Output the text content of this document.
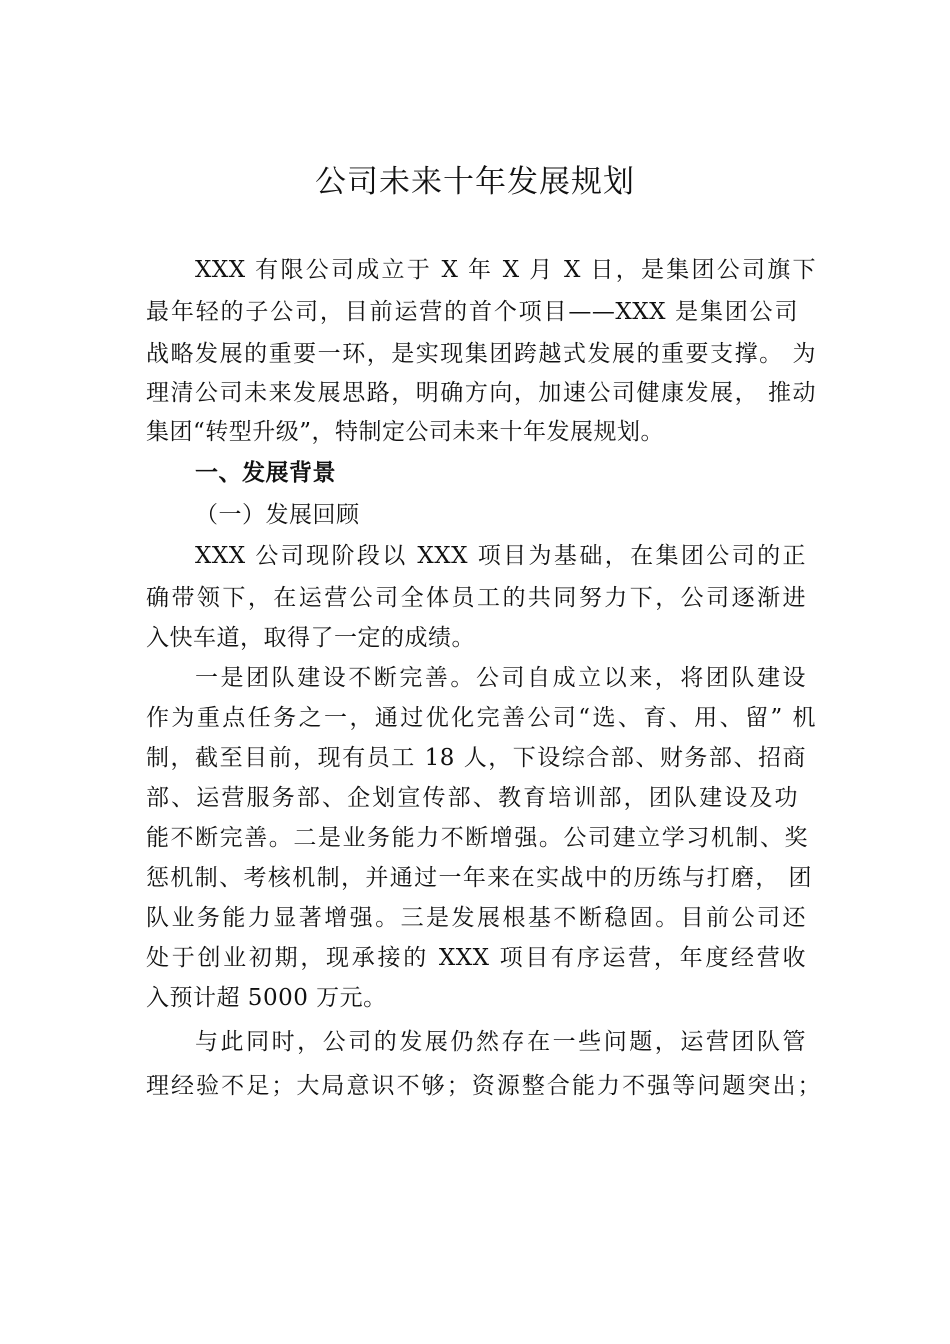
公司未来十年发展规划
XXX 有限公司成立于 X 年 X 月 X 日，是集团公司旗下
最年轻的子公司，目前运营的首个项目——XXX 是集团公司
战略发展的重要一环，是实现集团跨越式发展的重要支撑。 为
理清公司未来发展思路，明确方向，加速公司健康发展， 推动
集团“转型升级”，特制定公司未来十年发展规划。
一、发展背景
（一）发展回顾
XXX 公司现阶段以 XXX 项目为基础，在集团公司的正
确带领下，在运营公司全体员工的共同努力下，公司逐渐进
入快车道，取得了一定的成绩。
一是团队建设不断完善。公司自成立以来，将团队建设
作为重点任务之一，通过优化完善公司“选、育、用、留” 机
制，截至目前，现有员工 18 人，下设综合部、财务部、招商
部、运营服务部、企划宣传部、教育培训部，团队建设及功
能不断完善。二是业务能力不断增强。公司建立学习机制、奖
惩机制、考核机制，并通过一年来在实战中的历练与打磨， 团
队业务能力显著增强。三是发展根基不断稳固。目前公司还
处于创业初期，现承接的 XXX 项目有序运营，年度经营收
入预计超 5000 万元。
与此同时，公司的发展仍然存在一些问题，运营团队管
理经验不足；大局意识不够；资源整合能力不强等问题突出；
